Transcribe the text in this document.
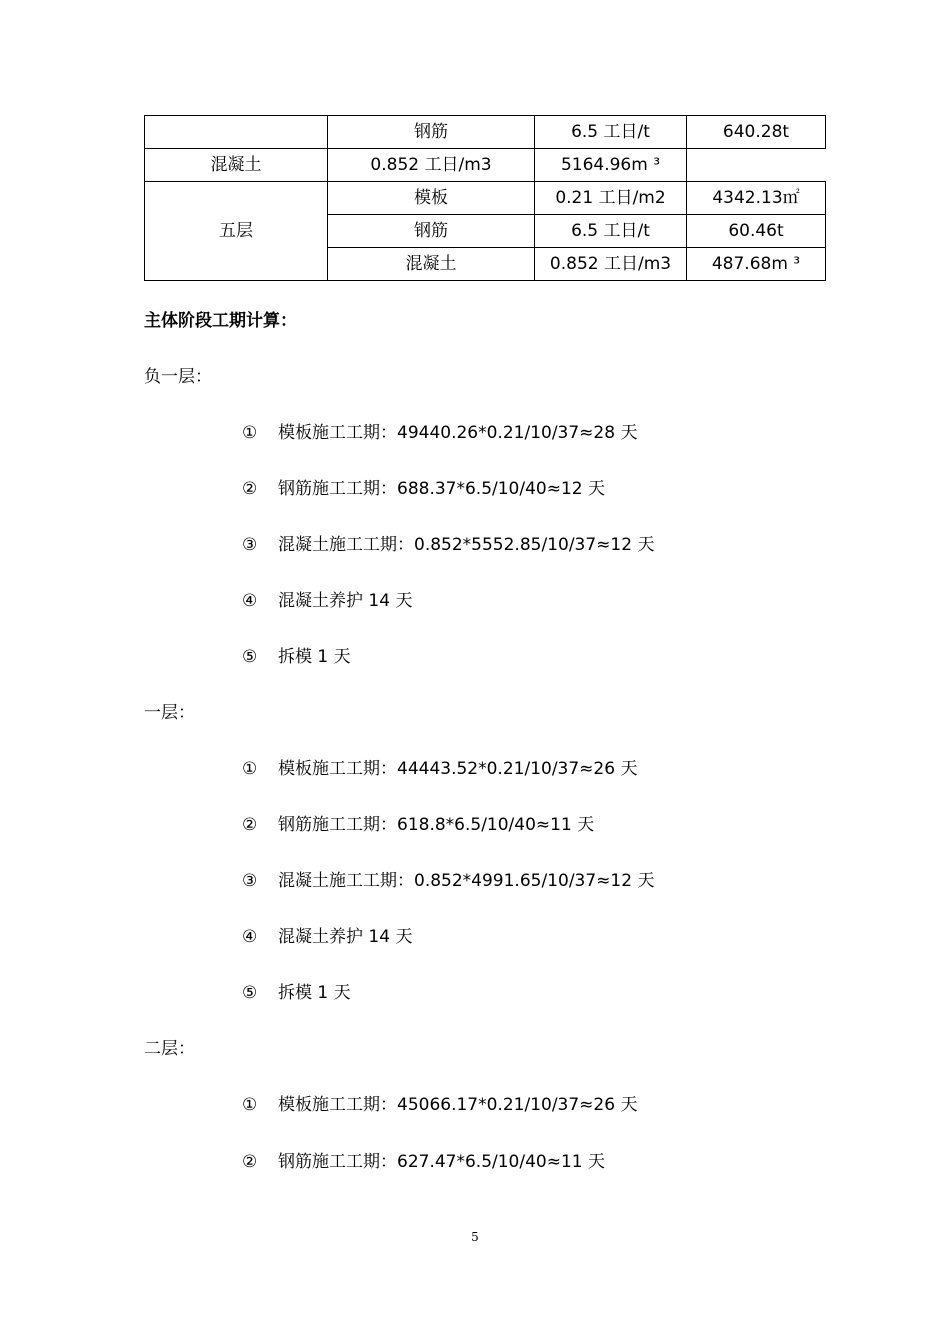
	钢筋	6.5 工日/t	640.28t
混凝土	0.852 工日/m3	5164.96m ³	
五层	模板	0.21 工日/m2	4342.13㎡
	钢筋	6.5 工日/t	60.46t
	混凝土	0.852 工日/m3	487.68m ³
主体阶段工期计算：
负一层：
①	模板施工工期：49440.26*0.21/10/37≈28 天
②	钢筋施工工期：688.37*6.5/10/40≈12 天
③	混凝土施工工期：0.852*5552.85/10/37≈12 天
④	混凝土养护 14 天
⑤	拆模 1 天
一层：
①	模板施工工期：44443.52*0.21/10/37≈26 天
②	钢筋施工工期：618.8*6.5/10/40≈11 天
③	混凝土施工工期：0.852*4991.65/10/37≈12 天
④	混凝土养护 14 天
⑤	拆模 1 天
二层：
①	模板施工工期：45066.17*0.21/10/37≈26 天
②	钢筋施工工期：627.47*6.5/10/40≈11 天
5
